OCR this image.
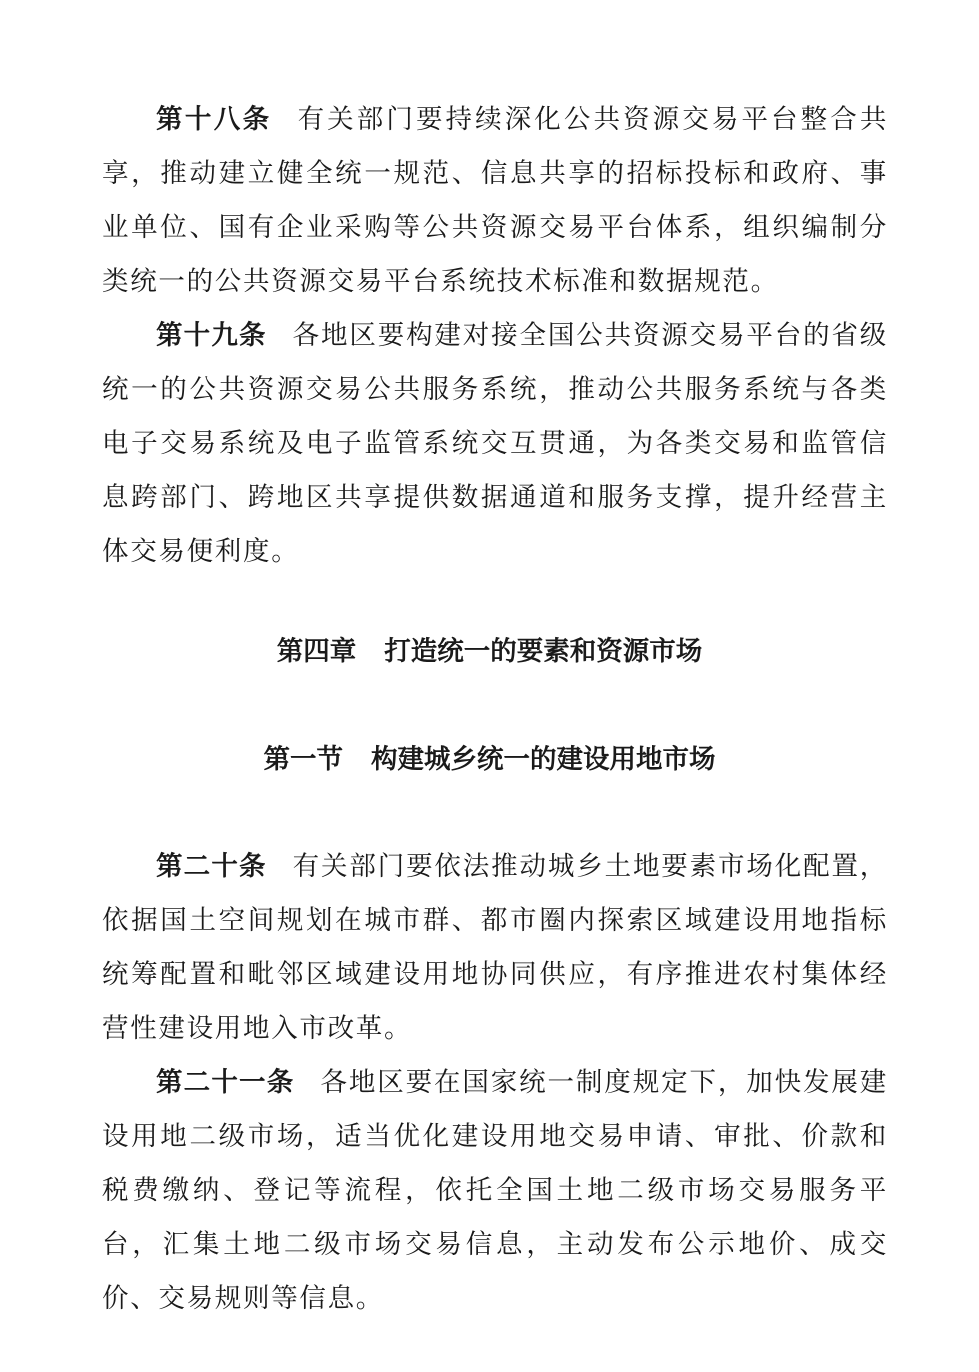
第十八条 有关部门要持续深化公共资源交易平台整合共享，推动建立健全统一规范、信息共享的招标投标和政府、事业单位、国有企业采购等公共资源交易平台体系，组织编制分类统一的公共资源交易平台系统技术标准和数据规范。

第十九条 各地区要构建对接全国公共资源交易平台的省级统一的公共资源交易公共服务系统，推动公共服务系统与各类电子交易系统及电子监管系统交互贯通，为各类交易和监管信息跨部门、跨地区共享提供数据通道和服务支撑，提升经营主体交易便利度。

第四章 打造统一的要素和资源市场
第一节 构建城乡统一的建设用地市场

第二十条 有关部门要依法推动城乡土地要素市场化配置，依据国土空间规划在城市群、都市圈内探索区域建设用地指标统筹配置和毗邻区域建设用地协同供应，有序推进农村集体经营性建设用地入市改革。

第二十一条 各地区要在国家统一制度规定下，加快发展建设用地二级市场，适当优化建设用地交易申请、审批、价款和税费缴纳、登记等流程，依托全国土地二级市场交易服务平台，汇集土地二级市场交易信息，主动发布公示地价、成交价、交易规则等信息。
